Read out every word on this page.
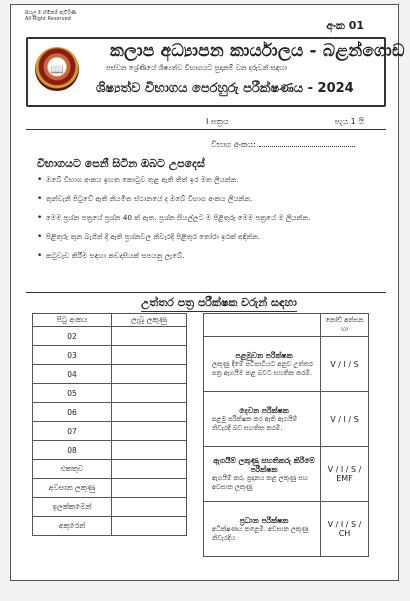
සියලු ම හිමිකම් ඇවිරිණි
All Right Reserved	අංක 01
📖
කලාප අධ්‍යාපන කාර්යාලය - බළන්ගොඩ
පස්වන ශ්‍රේණියේ ශිෂ්‍යත්ව විභාගයට සුදානම් වන දරුවන් සඳහා
ශිෂ්‍යත්ව විභාගය පෙරහුරු පරීක්ෂණය - 2024
I පත්‍රය	පැය 1 යි
විභාග අංකය:
විභාගයට පෙනී සිටින ඔබට උපදෙස්
• ඔබේ විභාග අංකය ඉහත කොටුව තුළ ඇති තිත් ඉර මත ලියන්න.
• තුන්වැනි පිටුවේ ඇති නියමිත ස්ථානයේ ද ඔබේ විභාග අංකය ලියන්න.
• මෙම ප්‍රශ්න පත්‍රයේ ප්‍රශ්න 40 ක් ඇත. ප්‍රශ්න සියල්ලට ම පිළිතුරු මෙම පත්‍රයේ ම ලියන්න.
• පිළිතුරු තුන බැගින් දී ඇති ප්‍රශ්නවල නිවැරදි පිළිතුර තෝරා ඉරක් අඳින්න.
• කටුවැඩ කිරීම සඳහා කඩදාසියක් සපයනු ලැබේ.
උත්තර පත්‍ර පරීක්ෂක වරුන් සඳහා
පිටු අංකය	ලැබූ ලකුණු
02	
03	
04	
05	
06	
07	
08	
එකතුව	
අවසාන ලකුණු	
ඉලක්කමෙන්	
අකුරෙන්	
	කෝඩ් අත්සන හා

පළමුවන පරීක්ෂක
ලකුණු දීමේ පටිපාටියට අනුව උත්තර පත්‍ර ඇගයීම කළ බවට සහතික කරමි.	V / I / S

දෙවන පරීක්ෂක
පළමු පරීක්ෂක කර ඇති ඇගයීම් නිවැරදි බව සහතික කරමි.	V / I / S

ඇගයීම් ලකුණු සහතිකරු කිරීමේ පරීක්ෂක
ඇගයීම් කර, ප්‍රදානය කළ ලකුණු සහ අවසාන ලකුණු	V / I / S / EMF

ප්‍රධාන පරීක්ෂක
අධීක්ෂණය කළෙමි. අවසාන ලකුණු නිවැරදිය	V / I / S / CH
